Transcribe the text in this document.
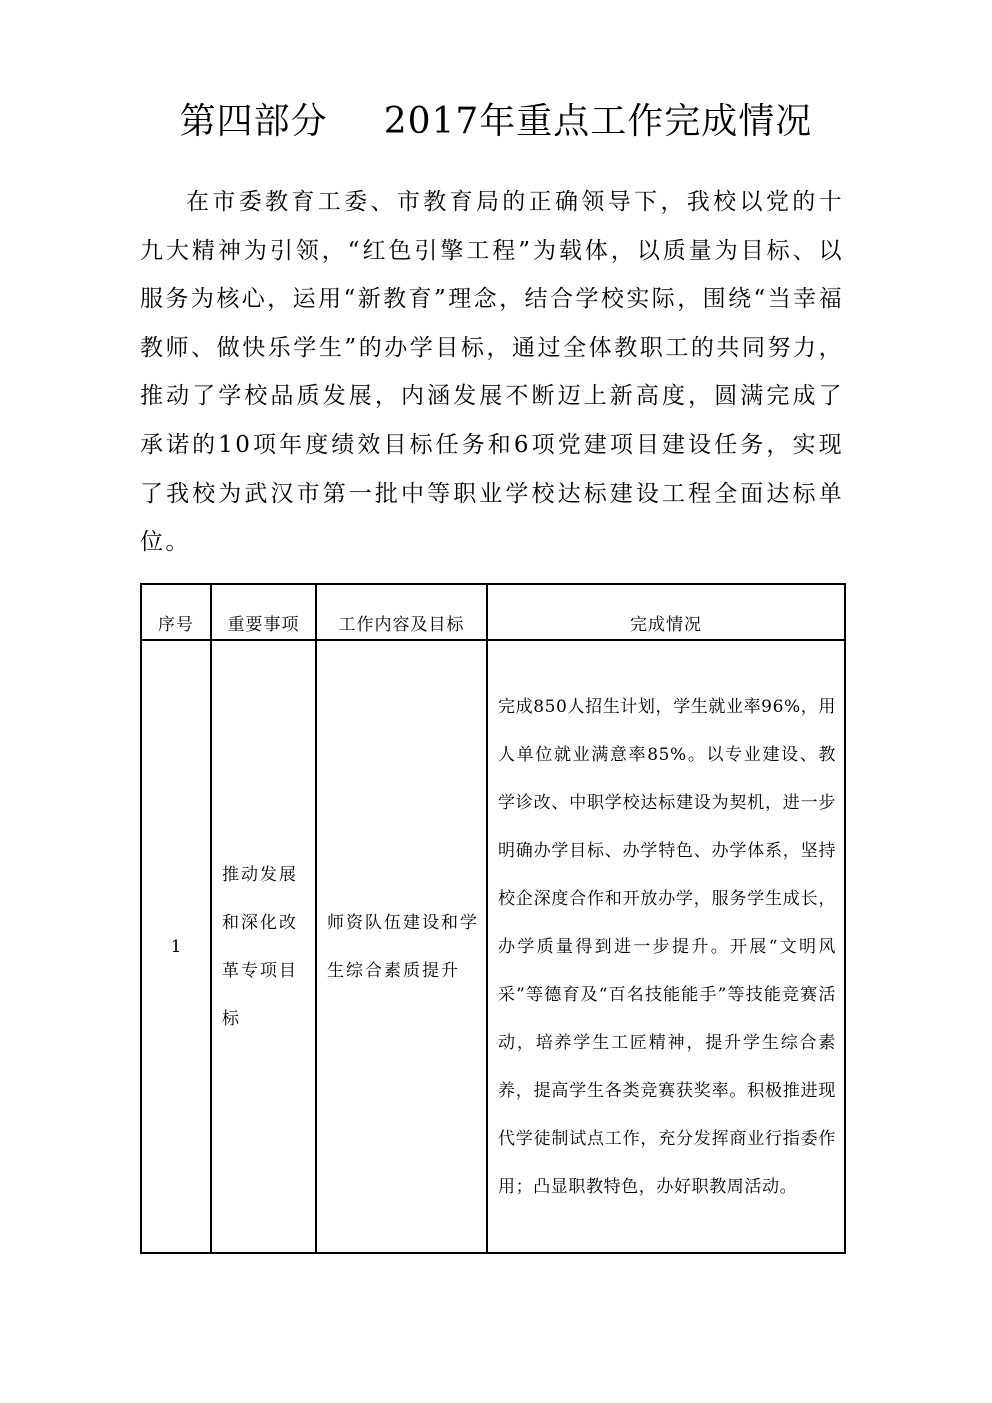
第四部分 2017年重点工作完成情况

在市委教育工委、市教育局的正确领导下，我校以党的十九大精神为引领，“红色引擎工程”为载体，以质量为目标、以服务为核心，运用“新教育”理念，结合学校实际，围绕“当幸福教师、做快乐学生”的办学目标，通过全体教职工的共同努力，推动了学校品质发展，内涵发展不断迈上新高度，圆满完成了承诺的10项年度绩效目标任务和6项党建项目建设任务，实现了我校为武汉市第一批中等职业学校达标建设工程全面达标单位。

序号	重要事项	工作内容及目标	完成情况
1	推动发展和深化改革专项目标	师资队伍建设和学生综合素质提升	完成850人招生计划，学生就业率96%，用人单位就业满意率85%。以专业建设、教学诊改、中职学校达标建设为契机，进一步明确办学目标、办学特色、办学体系，坚持校企深度合作和开放办学，服务学生成长，办学质量得到进一步提升。开展“文明风采”等德育及“百名技能能手”等技能竞赛活动，培养学生工匠精神，提升学生综合素养，提高学生各类竞赛获奖率。积极推进现代学徒制试点工作，充分发挥商业行指委作用；凸显职教特色，办好职教周活动。
